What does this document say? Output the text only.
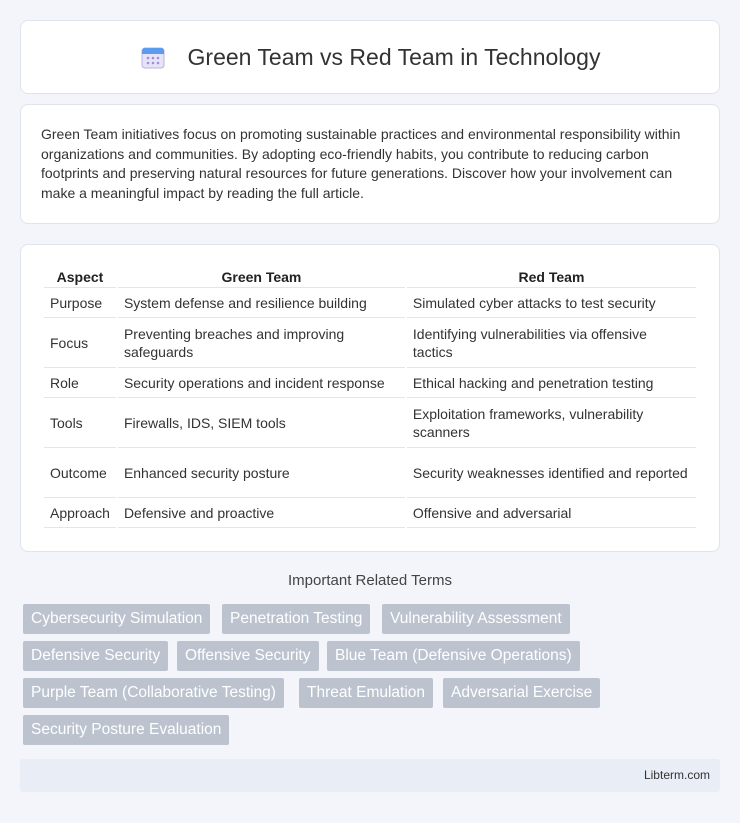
Green Team vs Red Team in Technology

Green Team initiatives focus on promoting sustainable practices and environmental responsibility within organizations and communities. By adopting eco-friendly habits, you contribute to reducing carbon footprints and preserving natural resources for future generations. Discover how your involvement can make a meaningful impact by reading the full article.

Aspect	Green Team	Red Team
Purpose	System defense and resilience building	Simulated cyber attacks to test security
Focus	Preventing breaches and improving safeguards	Identifying vulnerabilities via offensive tactics
Role	Security operations and incident response	Ethical hacking and penetration testing
Tools	Firewalls, IDS, SIEM tools	Exploitation frameworks, vulnerability scanners
Outcome	Enhanced security posture	Security weaknesses identified and reported
Approach	Defensive and proactive	Offensive and adversarial
Important Related Terms
Cybersecurity Simulation	Penetration Testing	Vulnerability Assessment
Defensive Security	Offensive Security	Blue Team (Defensive Operations)
Purple Team (Collaborative Testing)	Threat Emulation	Adversarial Exercise
Security Posture Evaluation
Libterm.com
